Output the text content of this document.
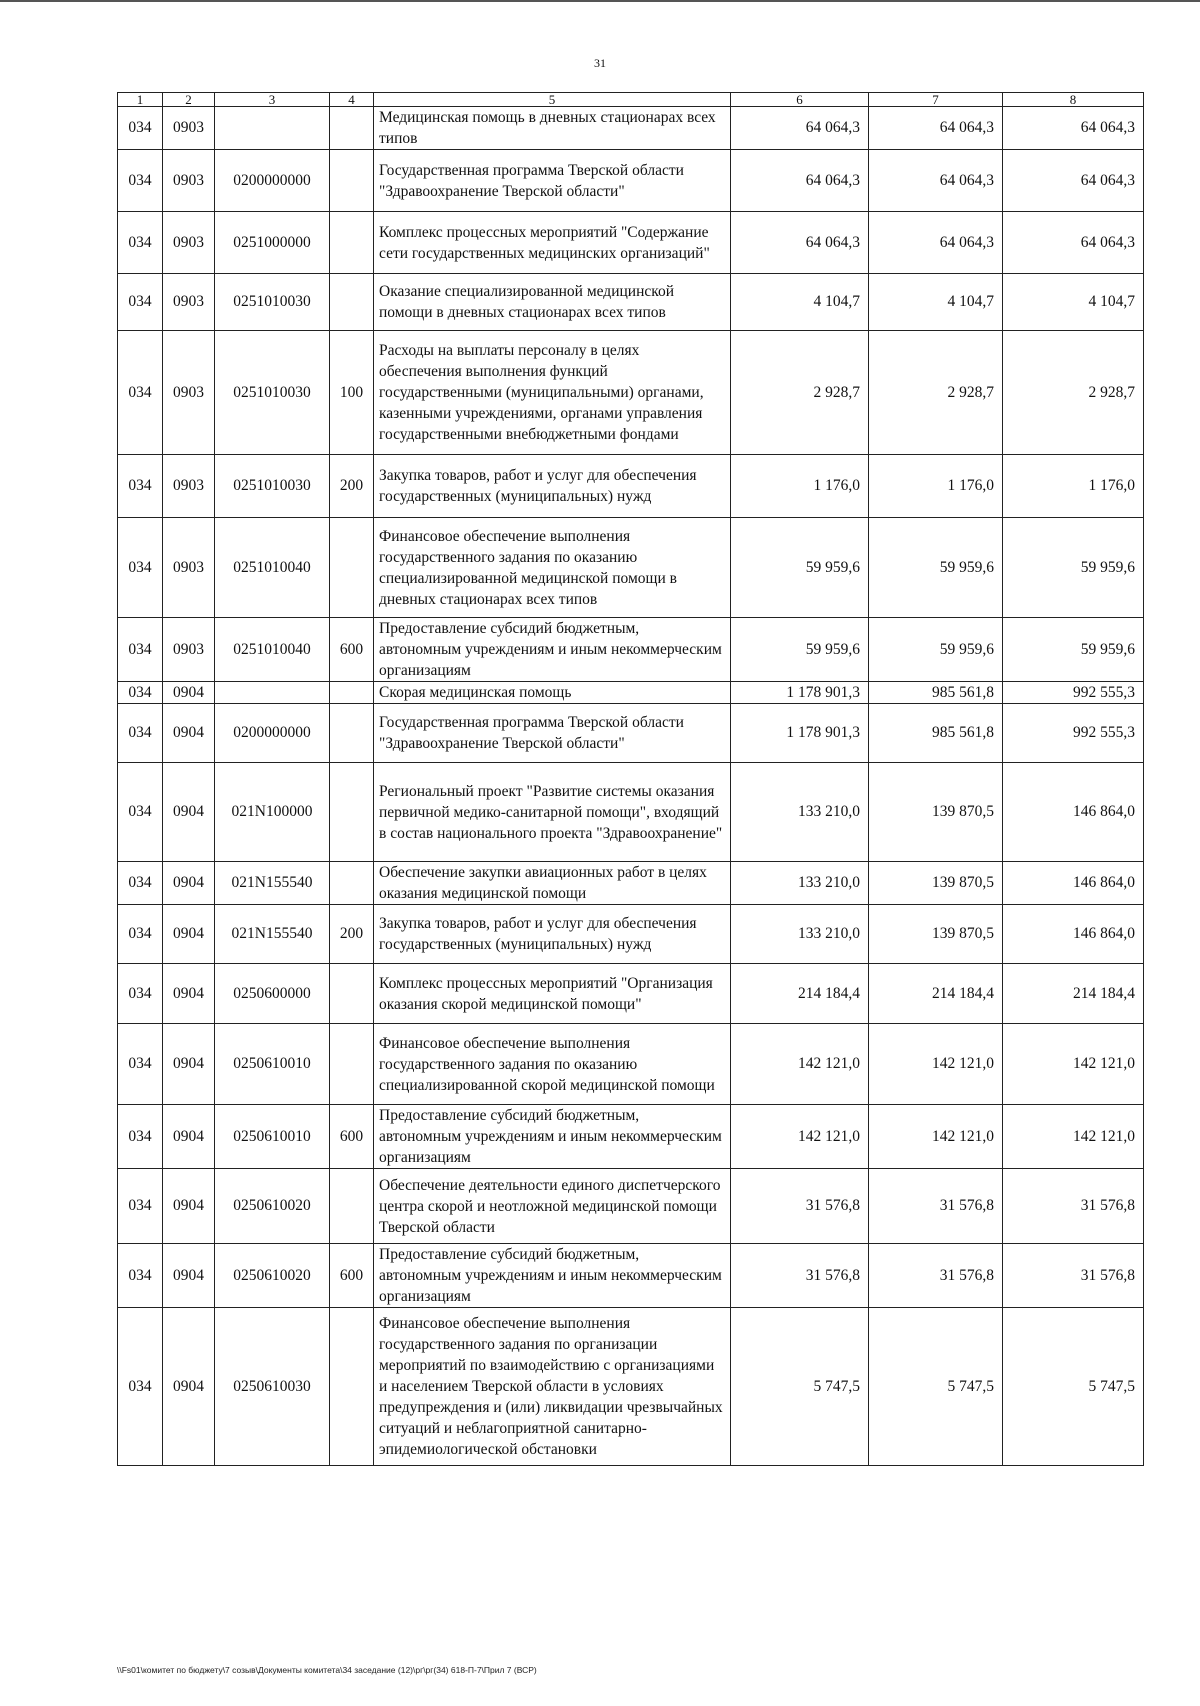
31
1	2	3	4	5	6	7	8
034	0903			Медицинская помощь в дневных стационарах всех типов	64 064,3	64 064,3	64 064,3
034	0903	0200000000		Государственная программа Тверской области "Здравоохранение Тверской области"	64 064,3	64 064,3	64 064,3
034	0903	0251000000		Комплекс процессных мероприятий "Содержание сети государственных медицинских организаций"	64 064,3	64 064,3	64 064,3
034	0903	0251010030		Оказание специализированной медицинской помощи в дневных стационарах всех типов	4 104,7	4 104,7	4 104,7
034	0903	0251010030	100	Расходы на выплаты персоналу в целях обеспечения выполнения функций государственными (муниципальными) органами, казенными учреждениями, органами управления государственными внебюджетными фондами	2 928,7	2 928,7	2 928,7
034	0903	0251010030	200	Закупка товаров, работ и услуг для обеспечения государственных (муниципальных) нужд	1 176,0	1 176,0	1 176,0
034	0903	0251010040		Финансовое обеспечение выполнения государственного задания по оказанию специализированной медицинской помощи в дневных стационарах всех типов	59 959,6	59 959,6	59 959,6
034	0903	0251010040	600	Предоставление субсидий бюджетным, автономным учреждениям и иным некоммерческим организациям	59 959,6	59 959,6	59 959,6
034	0904			Скорая медицинская помощь	1 178 901,3	985 561,8	992 555,3
034	0904	0200000000		Государственная программа Тверской области "Здравоохранение Тверской области"	1 178 901,3	985 561,8	992 555,3
034	0904	021N100000		Региональный проект "Развитие системы оказания первичной медико-санитарной помощи", входящий в состав национального проекта "Здравоохранение"	133 210,0	139 870,5	146 864,0
034	0904	021N155540		Обеспечение закупки авиационных работ в целях оказания медицинской помощи	133 210,0	139 870,5	146 864,0
034	0904	021N155540	200	Закупка товаров, работ и услуг для обеспечения государственных (муниципальных) нужд	133 210,0	139 870,5	146 864,0
034	0904	0250600000		Комплекс процессных мероприятий "Организация оказания скорой медицинской помощи"	214 184,4	214 184,4	214 184,4
034	0904	0250610010		Финансовое обеспечение выполнения государственного задания по оказанию специализированной скорой медицинской помощи	142 121,0	142 121,0	142 121,0
034	0904	0250610010	600	Предоставление субсидий бюджетным, автономным учреждениям и иным некоммерческим организациям	142 121,0	142 121,0	142 121,0
034	0904	0250610020		Обеспечение деятельности единого диспетчерского центра скорой и неотложной медицинской помощи Тверской области	31 576,8	31 576,8	31 576,8
034	0904	0250610020	600	Предоставление субсидий бюджетным, автономным учреждениям и иным некоммерческим организациям	31 576,8	31 576,8	31 576,8
034	0904	0250610030		Финансовое обеспечение выполнения государственного задания по организации мероприятий по взаимодействию с организациями и населением Тверской области в условиях предупреждения и (или) ликвидации чрезвычайных ситуаций и неблагоприятной санитарно-эпидемиологической обстановки	5 747,5	5 747,5	5 747,5
\\Fs01\комитет по бюджету\7 созыв\Документы комитета\34 заседание (12)\рг\рг(34) 618-П-7\Прил 7 (ВСР)
